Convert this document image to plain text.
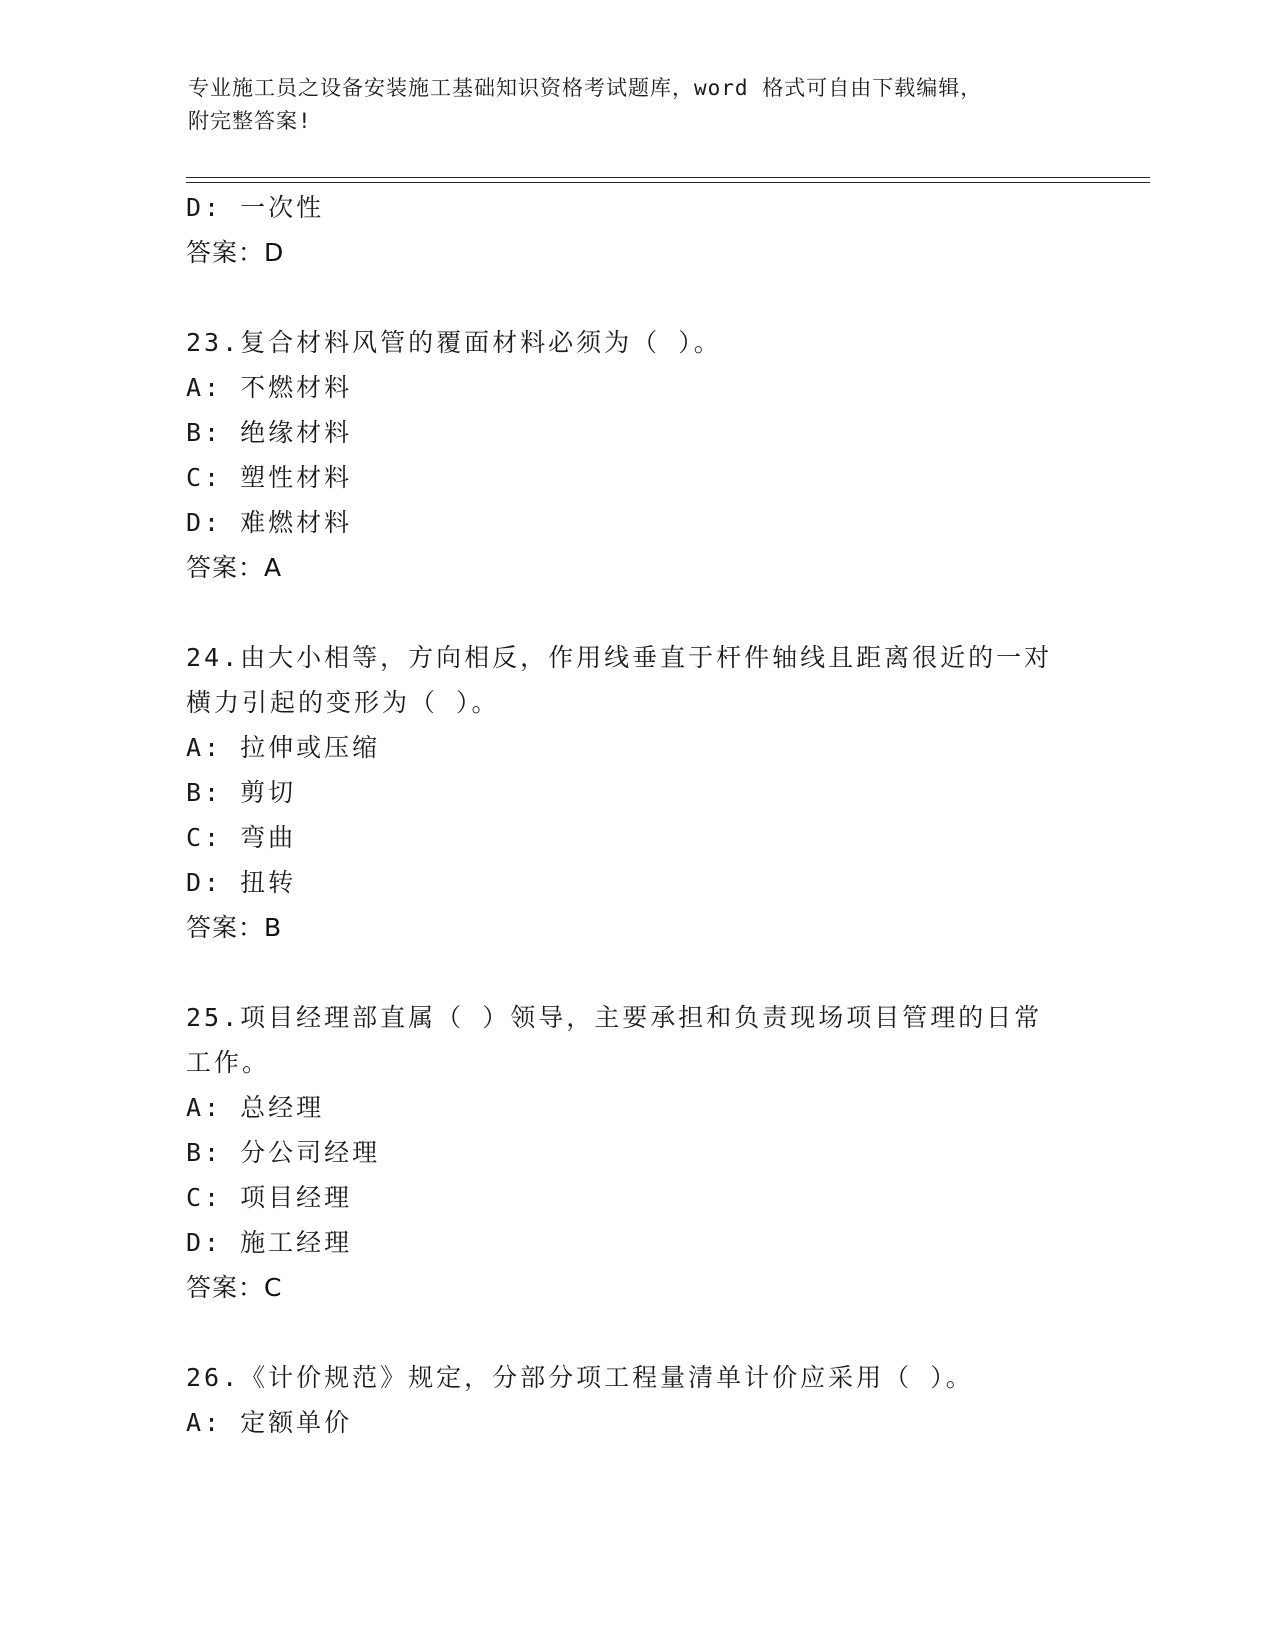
专业施工员之设备安装施工基础知识资格考试题库，word 格式可自由下载编辑，
附完整答案!
D: 一次性
答案：D
23.复合材料风管的覆面材料必须为（ ）。
A: 不燃材料
B: 绝缘材料
C: 塑性材料
D: 难燃材料
答案：A
24.由大小相等，方向相反，作用线垂直于杆件轴线且距离很近的一对
横力引起的变形为（ ）。
A: 拉伸或压缩
B: 剪切
C: 弯曲
D: 扭转
答案：B
25.项目经理部直属（ ）领导，主要承担和负责现场项目管理的日常
工作。
A: 总经理
B: 分公司经理
C: 项目经理
D: 施工经理
答案：C
26.《计价规范》规定，分部分项工程量清单计价应采用（ ）。
A: 定额单价
